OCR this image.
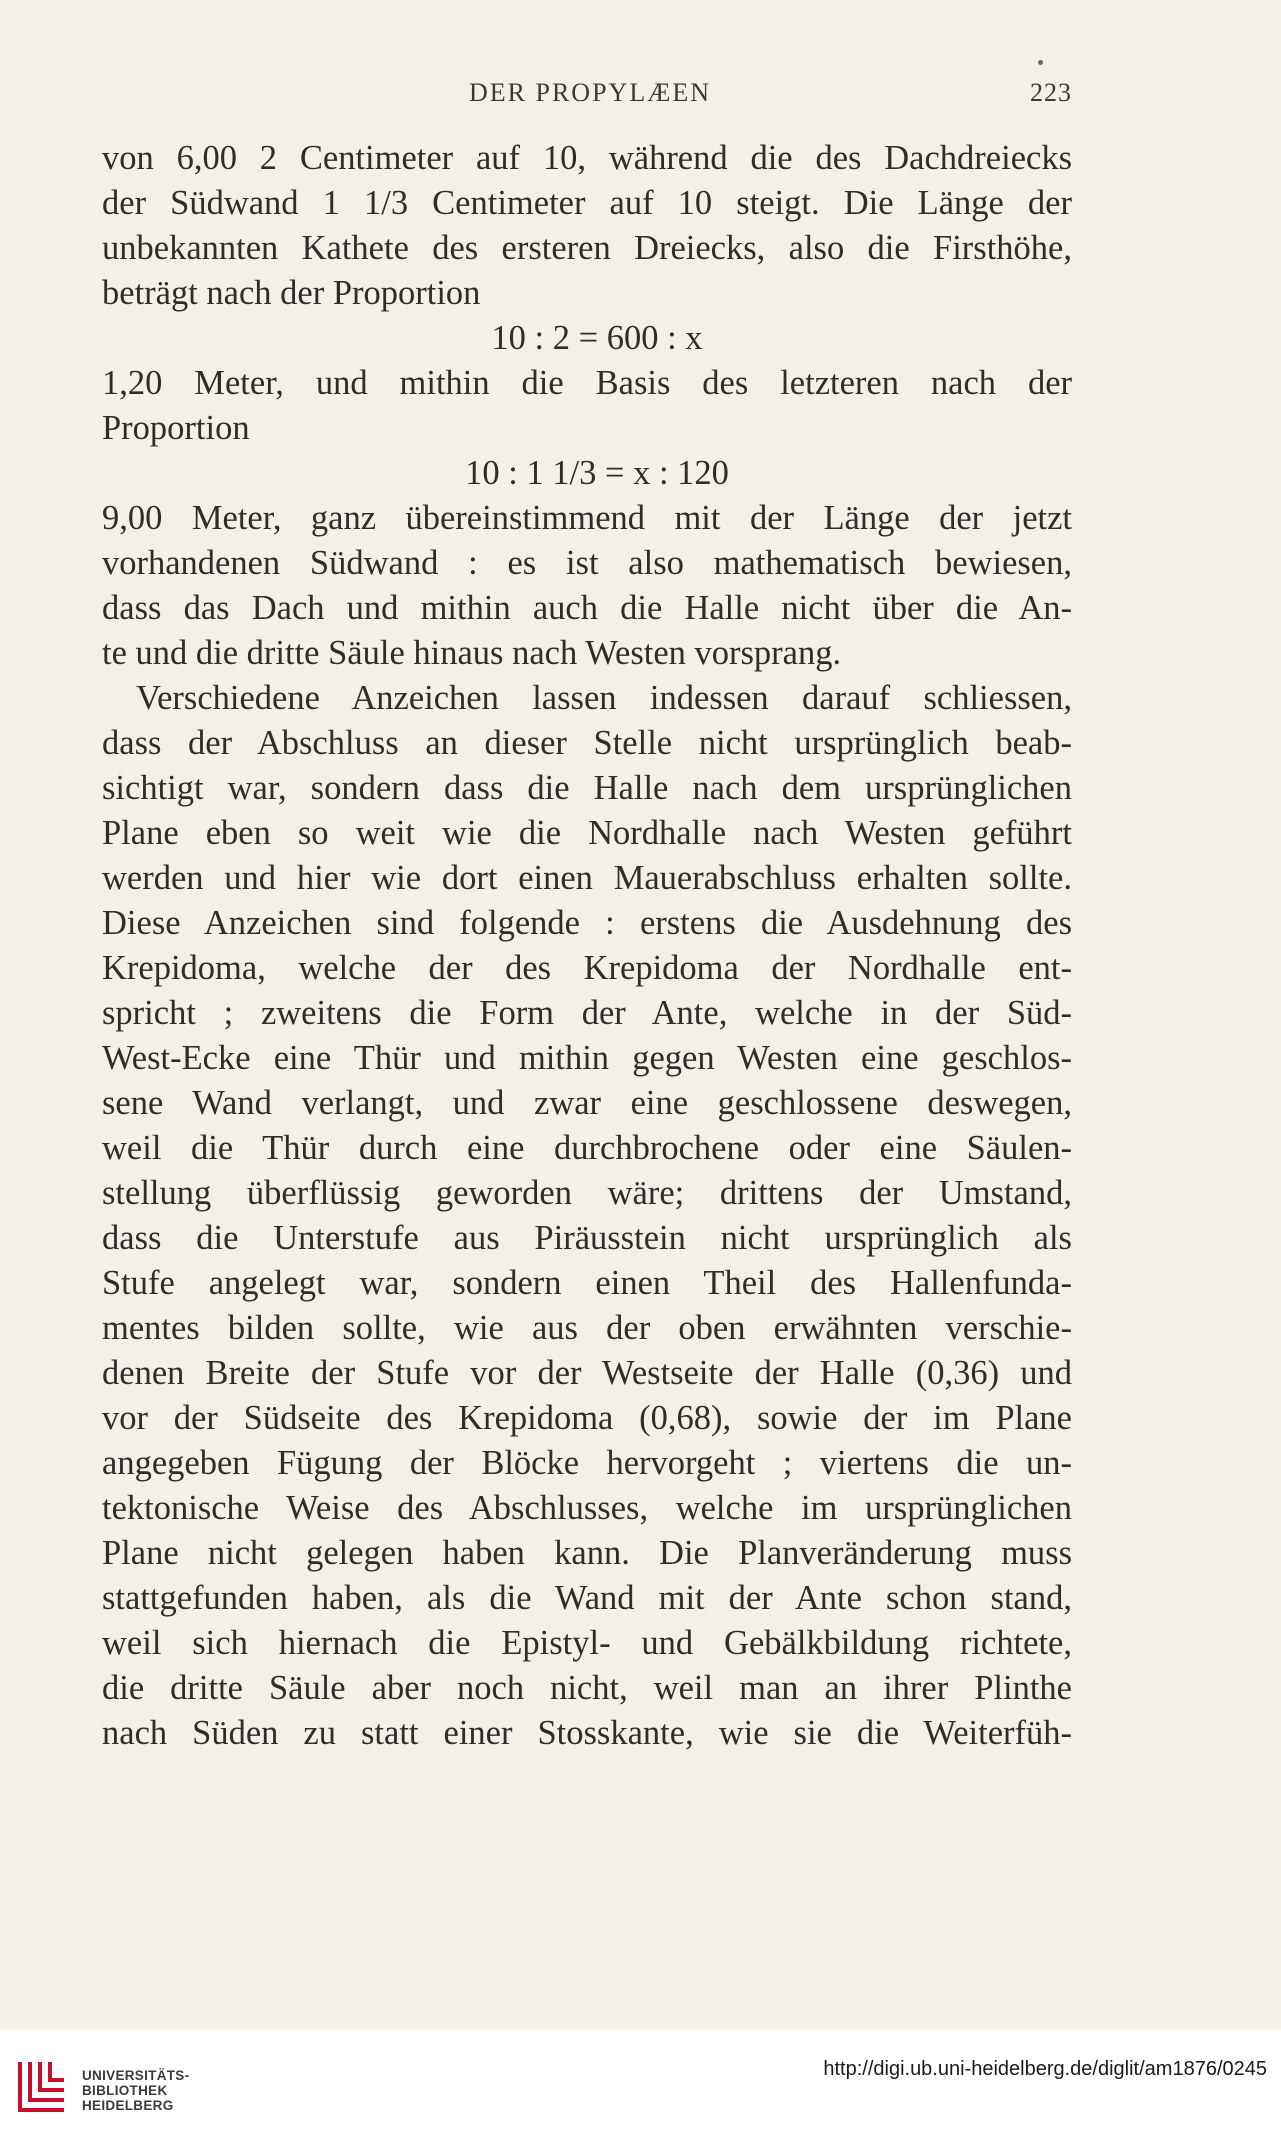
DER PROPYLÆEN	223
von 6,00 2 Centimeter auf 10, während die des Dachdreiecks
der Südwand 1 1/3 Centimeter auf 10 steigt. Die Länge der
unbekannten Kathete des ersteren Dreiecks, also die Firsthöhe,
beträgt nach der Proportion
10 : 2 = 600 : x
1,20 Meter, und mithin die Basis des letzteren nach der
Proportion
10 : 1 1/3 = x : 120
9,00 Meter, ganz übereinstimmend mit der Länge der jetzt
vorhandenen Südwand : es ist also mathematisch bewiesen,
dass das Dach und mithin auch die Halle nicht über die An-
te und die dritte Säule hinaus nach Westen vorsprang.
Verschiedene Anzeichen lassen indessen darauf schliessen,
dass der Abschluss an dieser Stelle nicht ursprünglich beab-
sichtigt war, sondern dass die Halle nach dem ursprünglichen
Plane eben so weit wie die Nordhalle nach Westen geführt
werden und hier wie dort einen Mauerabschluss erhalten sollte.
Diese Anzeichen sind folgende : erstens die Ausdehnung des
Krepidoma, welche der des Krepidoma der Nordhalle ent-
spricht ; zweitens die Form der Ante, welche in der Süd-
West-Ecke eine Thür und mithin gegen Westen eine geschlos-
sene Wand verlangt, und zwar eine geschlossene deswegen,
weil die Thür durch eine durchbrochene oder eine Säulen-
stellung überflüssig geworden wäre; drittens der Umstand,
dass die Unterstufe aus Piräusstein nicht ursprünglich als
Stufe angelegt war, sondern einen Theil des Hallenfunda-
mentes bilden sollte, wie aus der oben erwähnten verschie-
denen Breite der Stufe vor der Westseite der Halle (0,36) und
vor der Südseite des Krepidoma (0,68), sowie der im Plane
angegeben Fügung der Blöcke hervorgeht ; viertens die un-
tektonische Weise des Abschlusses, welche im ursprünglichen
Plane nicht gelegen haben kann. Die Planveränderung muss
stattgefunden haben, als die Wand mit der Ante schon stand,
weil sich hiernach die Epistyl- und Gebälkbildung richtete,
die dritte Säule aber noch nicht, weil man an ihrer Plinthe
nach Süden zu statt einer Stosskante, wie sie die Weiterfüh-
UNIVERSITÄTS-
BIBLIOTHEK
HEIDELBERG
http://digi.ub.uni-heidelberg.de/diglit/am1876/0245
